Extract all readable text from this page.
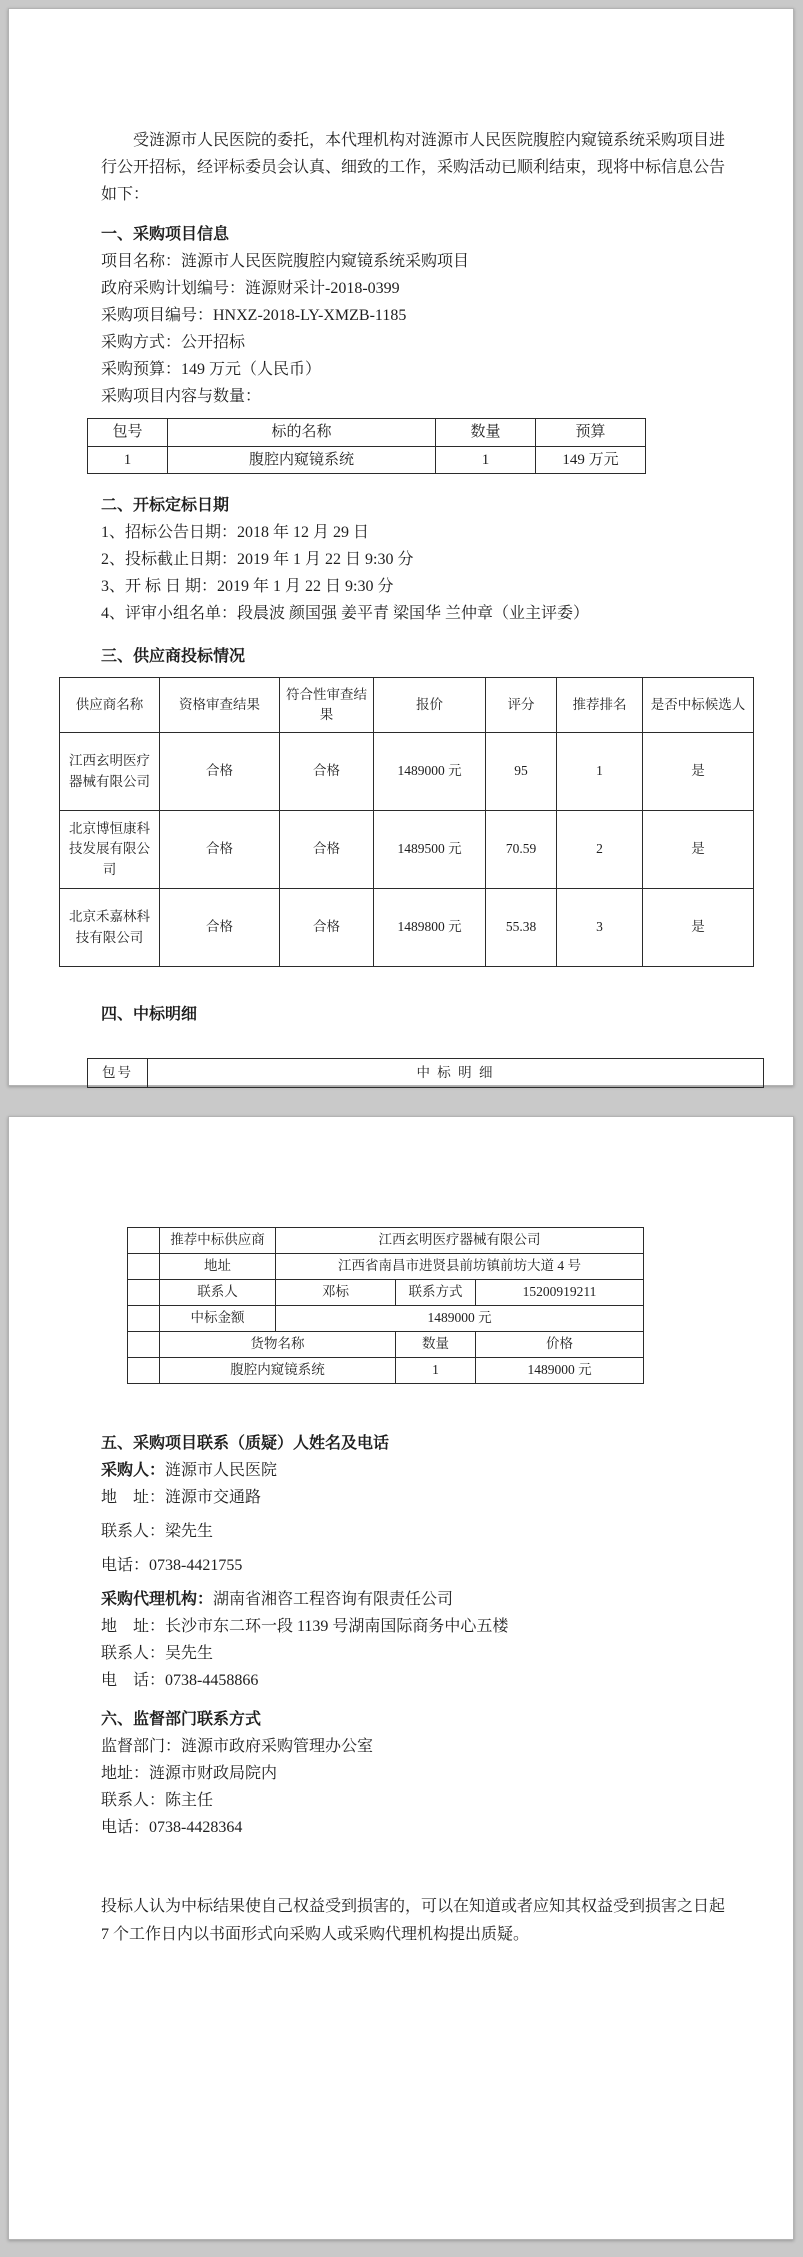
受涟源市人民医院的委托，本代理机构对涟源市人民医院腹腔内窥镜系统采购项目进行公开招标，经评标委员会认真、细致的工作，采购活动已顺利结束，现将中标信息公告如下：

一、采购项目信息

项目名称：涟源市人民医院腹腔内窥镜系统采购项目

政府采购计划编号：涟源财采计-2018-0399

采购项目编号：HNXZ-2018-LY-XMZB-1185

采购方式：公开招标

采购预算：149 万元（人民币）

采购项目内容与数量：

包号	标的名称	数量	预算
1	腹腔内窥镜系统	1	149 万元
二、开标定标日期

1、招标公告日期：2018 年 12 月 29 日

2、投标截止日期：2019 年 1 月 22 日 9:30 分

3、开 标 日 期：2019 年 1 月 22 日 9:30 分

4、评审小组名单：段晨波 颜国强 姜平青 梁国华 兰仲章（业主评委）

三、供应商投标情况
供应商名称	资格审查结果	符合性审查结果	报价	评分	推荐排名	是否中标候选人
江西玄明医疗器械有限公司	合格	合格	1489000 元	95	1	是
北京博恒康科技发展有限公司	合格	合格	1489500 元	70.59	2	是
北京禾嘉林科技有限公司	合格	合格	1489800 元	55.38	3	是
四、中标明细
包号	中 标 明 细
	推荐中标供应商	江西玄明医疗器械有限公司		
	地址	江西省南昌市进贤县前坊镇前坊大道 4 号		
	联系人	邓标	联系方式	15200919211
	中标金额	1489000 元		
	货物名称		数量	价格
	腹腔内窥镜系统		1	1489000 元
五、采购项目联系（质疑）人姓名及电话

采购人：涟源市人民医院

地　址：涟源市交通路

联系人：梁先生

电话：0738-4421755

采购代理机构：湖南省湘咨工程咨询有限责任公司

地　址：长沙市东二环一段 1139 号湖南国际商务中心五楼

联系人：吴先生

电　话：0738-4458866

六、监督部门联系方式

监督部门：涟源市政府采购管理办公室

地址：涟源市财政局院内

联系人：陈主任

电话：0738-4428364

投标人认为中标结果使自己权益受到损害的，可以在知道或者应知其权益受到损害之日起 7 个工作日内以书面形式向采购人或采购代理机构提出质疑。
